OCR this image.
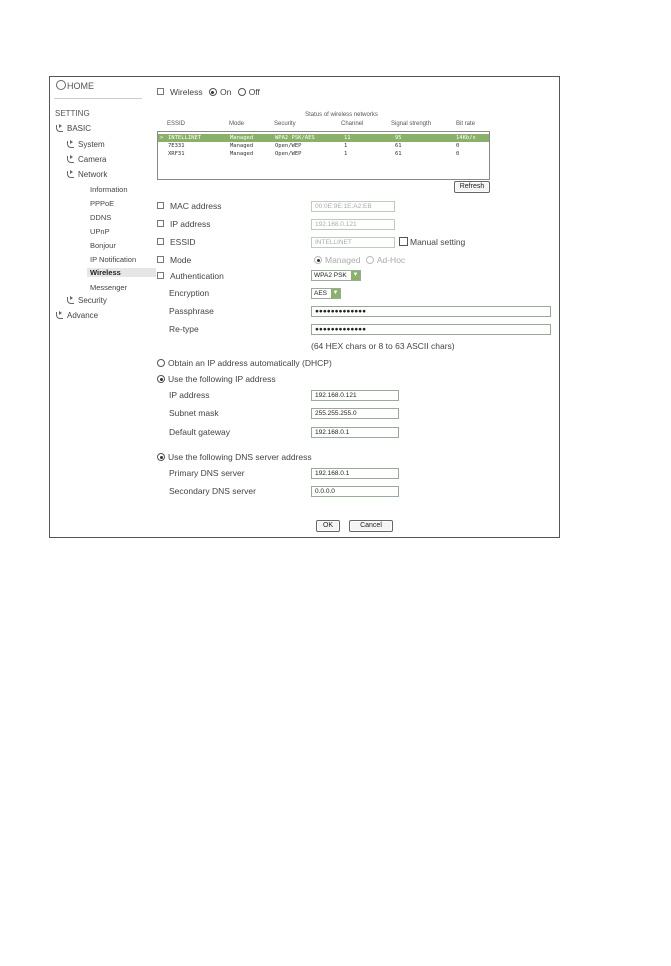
HOME
SETTING
BASIC
System
Camera
Network
Information
PPPoE
DDNS
UPnP
Bonjour
IP Notification
Wireless
Messenger
Security
Advance
Wireless On Off
Status of wireless networks
ESSID	Mode	Security	Channel	Signal strength	Bit rate
> INTELLINET	Managed	WPA2 PSK/AES	11	95	14Kb/s
7E331	Managed	Open/WEP	1	61	0
XRF31	Managed	Open/WEP	1	61	0
Refresh
MAC address	00:0E:9E:1E:A2:EB
IP address	192.168.0.121
ESSID	INTELLINET	Manual setting
Mode	Managed Ad-Hoc
Authentication	WPA2 PSK ▼
Encryption	AES ▼
Passphrase	●●●●●●●●●●●●●
Re-type	●●●●●●●●●●●●●
(64 HEX chars or 8 to 63 ASCII chars)
Obtain an IP address automatically (DHCP)
Use the following IP address
IP address	192.168.0.121
Subnet mask	255.255.255.0
Default gateway	192.168.0.1
Use the following DNS server address
Primary DNS server	192.168.0.1
Secondary DNS server	0.0.0.0
OK	Cancel
